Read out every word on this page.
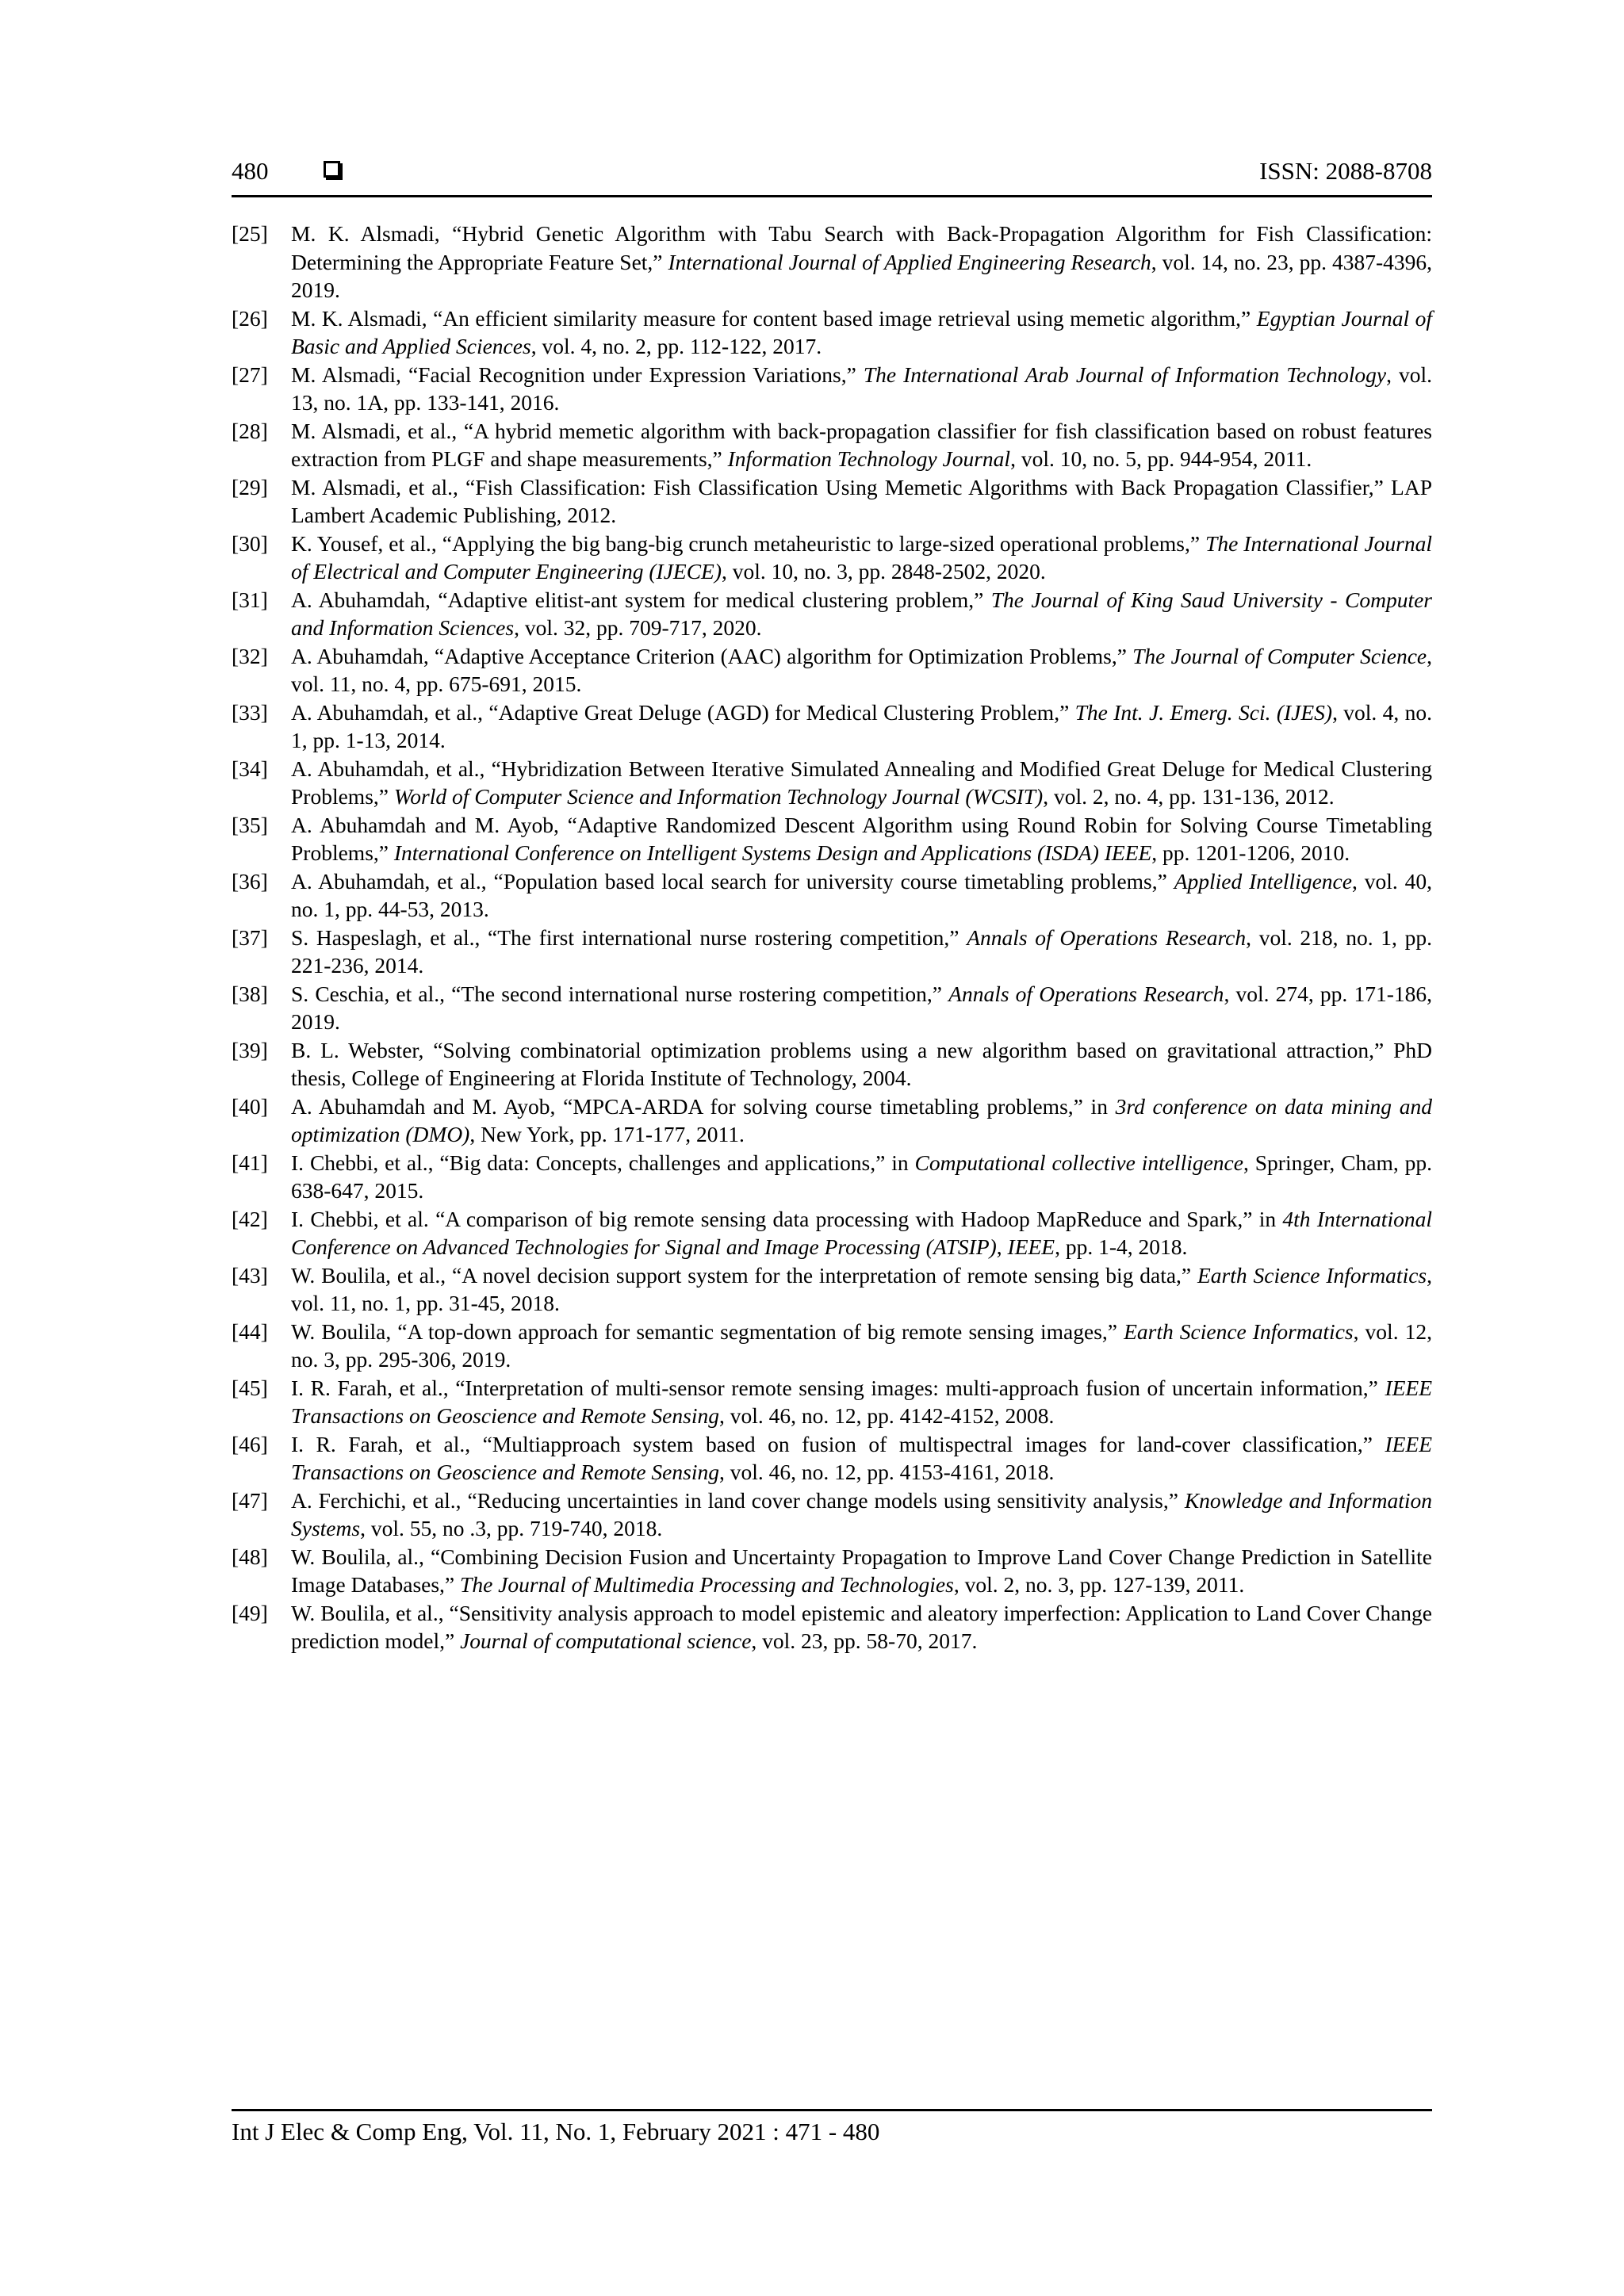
480	ISSN: 2088-8708
[25] M. K. Alsmadi, “Hybrid Genetic Algorithm with Tabu Search with Back-Propagation Algorithm for Fish Classification: Determining the Appropriate Feature Set,” International Journal of Applied Engineering Research, vol. 14, no. 23, pp. 4387-4396, 2019.
[26] M. K. Alsmadi, “An efficient similarity measure for content based image retrieval using memetic algorithm,” Egyptian Journal of Basic and Applied Sciences, vol. 4, no. 2, pp. 112-122, 2017.
[27] M. Alsmadi, “Facial Recognition under Expression Variations,” The International Arab Journal of Information Technology, vol. 13, no. 1A, pp. 133-141, 2016.
[28] M. Alsmadi, et al., “A hybrid memetic algorithm with back-propagation classifier for fish classification based on robust features extraction from PLGF and shape measurements,” Information Technology Journal, vol. 10, no. 5, pp. 944-954, 2011.
[29] M. Alsmadi, et al., “Fish Classification: Fish Classification Using Memetic Algorithms with Back Propagation Classifier,” LAP Lambert Academic Publishing, 2012.
[30] K. Yousef, et al., “Applying the big bang-big crunch metaheuristic to large-sized operational problems,” The International Journal of Electrical and Computer Engineering (IJECE), vol. 10, no. 3, pp. 2848-2502, 2020.
[31] A. Abuhamdah, “Adaptive elitist-ant system for medical clustering problem,” The Journal of King Saud University - Computer and Information Sciences, vol. 32, pp. 709-717, 2020.
[32] A. Abuhamdah, “Adaptive Acceptance Criterion (AAC) algorithm for Optimization Problems,” The Journal of Computer Science, vol. 11, no. 4, pp. 675-691, 2015.
[33] A. Abuhamdah, et al., “Adaptive Great Deluge (AGD) for Medical Clustering Problem,” The Int. J. Emerg. Sci. (IJES), vol. 4, no. 1, pp. 1-13, 2014.
[34] A. Abuhamdah, et al., “Hybridization Between Iterative Simulated Annealing and Modified Great Deluge for Medical Clustering Problems,” World of Computer Science and Information Technology Journal (WCSIT), vol. 2, no. 4, pp. 131-136, 2012.
[35] A. Abuhamdah and M. Ayob, “Adaptive Randomized Descent Algorithm using Round Robin for Solving Course Timetabling Problems,” International Conference on Intelligent Systems Design and Applications (ISDA) IEEE, pp. 1201-1206, 2010.
[36] A. Abuhamdah, et al., “Population based local search for university course timetabling problems,” Applied Intelligence, vol. 40, no. 1, pp. 44-53, 2013.
[37] S. Haspeslagh, et al., “The first international nurse rostering competition,” Annals of Operations Research, vol. 218, no. 1, pp. 221-236, 2014.
[38] S. Ceschia, et al., “The second international nurse rostering competition,” Annals of Operations Research, vol. 274, pp. 171-186, 2019.
[39] B. L. Webster, “Solving combinatorial optimization problems using a new algorithm based on gravitational attraction,” PhD thesis, College of Engineering at Florida Institute of Technology, 2004.
[40] A. Abuhamdah and M. Ayob, “MPCA-ARDA for solving course timetabling problems,” in 3rd conference on data mining and optimization (DMO), New York, pp. 171-177, 2011.
[41] I. Chebbi, et al., “Big data: Concepts, challenges and applications,” in Computational collective intelligence, Springer, Cham, pp. 638-647, 2015.
[42] I. Chebbi, et al. “A comparison of big remote sensing data processing with Hadoop MapReduce and Spark,” in 4th International Conference on Advanced Technologies for Signal and Image Processing (ATSIP), IEEE, pp. 1-4, 2018.
[43] W. Boulila, et al., “A novel decision support system for the interpretation of remote sensing big data,” Earth Science Informatics, vol. 11, no. 1, pp. 31-45, 2018.
[44] W. Boulila, “A top-down approach for semantic segmentation of big remote sensing images,” Earth Science Informatics, vol. 12, no. 3, pp. 295-306, 2019.
[45] I. R. Farah, et al., “Interpretation of multi-sensor remote sensing images: multi-approach fusion of uncertain information,” IEEE Transactions on Geoscience and Remote Sensing, vol. 46, no. 12, pp. 4142-4152, 2008.
[46] I. R. Farah, et al., “Multiapproach system based on fusion of multispectral images for land-cover classification,” IEEE Transactions on Geoscience and Remote Sensing, vol. 46, no. 12, pp. 4153-4161, 2018.
[47] A. Ferchichi, et al., “Reducing uncertainties in land cover change models using sensitivity analysis,” Knowledge and Information Systems, vol. 55, no .3, pp. 719-740, 2018.
[48] W. Boulila, al., “Combining Decision Fusion and Uncertainty Propagation to Improve Land Cover Change Prediction in Satellite Image Databases,” The Journal of Multimedia Processing and Technologies, vol. 2, no. 3, pp. 127-139, 2011.
[49] W. Boulila, et al., “Sensitivity analysis approach to model epistemic and aleatory imperfection: Application to Land Cover Change prediction model,” Journal of computational science, vol. 23, pp. 58-70, 2017.
Int J Elec & Comp Eng, Vol. 11, No. 1, February 2021 : 471 - 480
